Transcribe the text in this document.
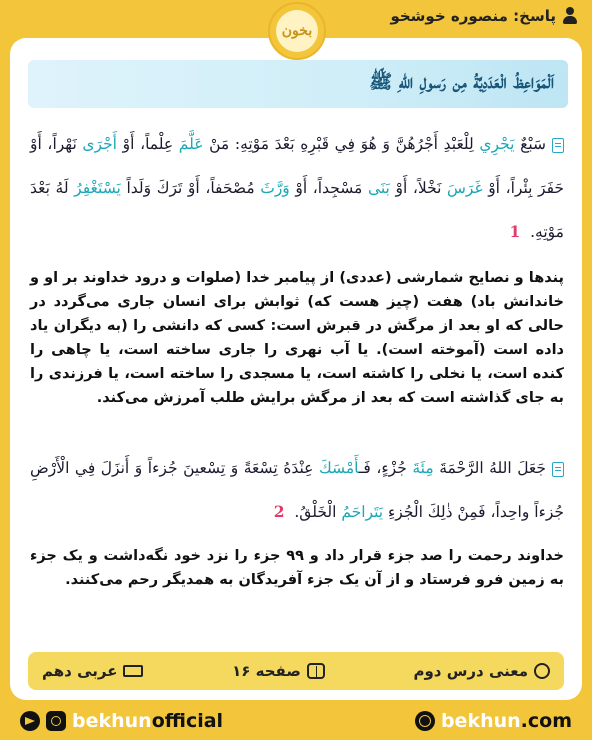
پاسخ: منصوره خوشخو
بخون
اَلْمَوَاعِظُ الْعَدَدِيَّةُ مِن رَسولِ اللهِ ﷺ
سَبْعٌ يَجْرِي لِلْعَبْدِ أَجْرُهُنَّ وَ هُوَ فِي قَبْرِهِ بَعْدَ مَوْتِهِ: مَنْ عَلَّمَ عِلْماً، أَوْ أَجْرَى نَهْراً، أَوْ حَفَرَ بِئْراً، أَوْ غَرَسَ نَخْلاً، أَوْ بَنَى مَسْجِداً، أَوْ وَرَّثَ مُصْحَفاً، أَوْ تَرَكَ وَلَداً يَسْتَغْفِرُ لَهُ بَعْدَ مَوْتِهِ.  1
پندها و نصایح شمارشی (عددی) از پیامبر خدا (صلوات و درود خداوند بر او و خاندانش باد) هفت (چیز هست که) ثوابش برای انسان جاری می‌گردد در حالی که او بعد از مرگش در قبرش است: کسی که دانشی را (به دیگران یاد داده است (آموخته است). یا آب نهری را جاری ساخته است، یا چاهی را کنده است، یا نخلی را کاشته است، یا مسجدی را ساخته است، یا فرزندی را به جای گذاشته است که بعد از مرگش برایش طلب آمرزش می‌کند.
جَعَلَ اللهُ الرَّحْمَةَ مِئَةَ جُزْءٍ، فَـأَمْسَكَ عِنْدَهُ تِسْعَةً وَ تِسْعينَ جُزءاً وَ أَنزَلَ فِي الْأَرْضِ جُزءاً واحِداً، فَمِنْ ذٰلِكَ الْجُزءِ يَتَراحَمُ الْخَلْقُ.  2
خداوند رحمت را صد جزء قرار داد و ۹۹ جزء را نزد خود نگه‌داشت و یک جزء به زمین فرو فرستاد و از آن یک جزء آفریدگان به همدیگر رحم می‌کنند.
عربی دهم	صفحه ۱۶	معنی درس دوم
bekhunofficial	bekhun.com
